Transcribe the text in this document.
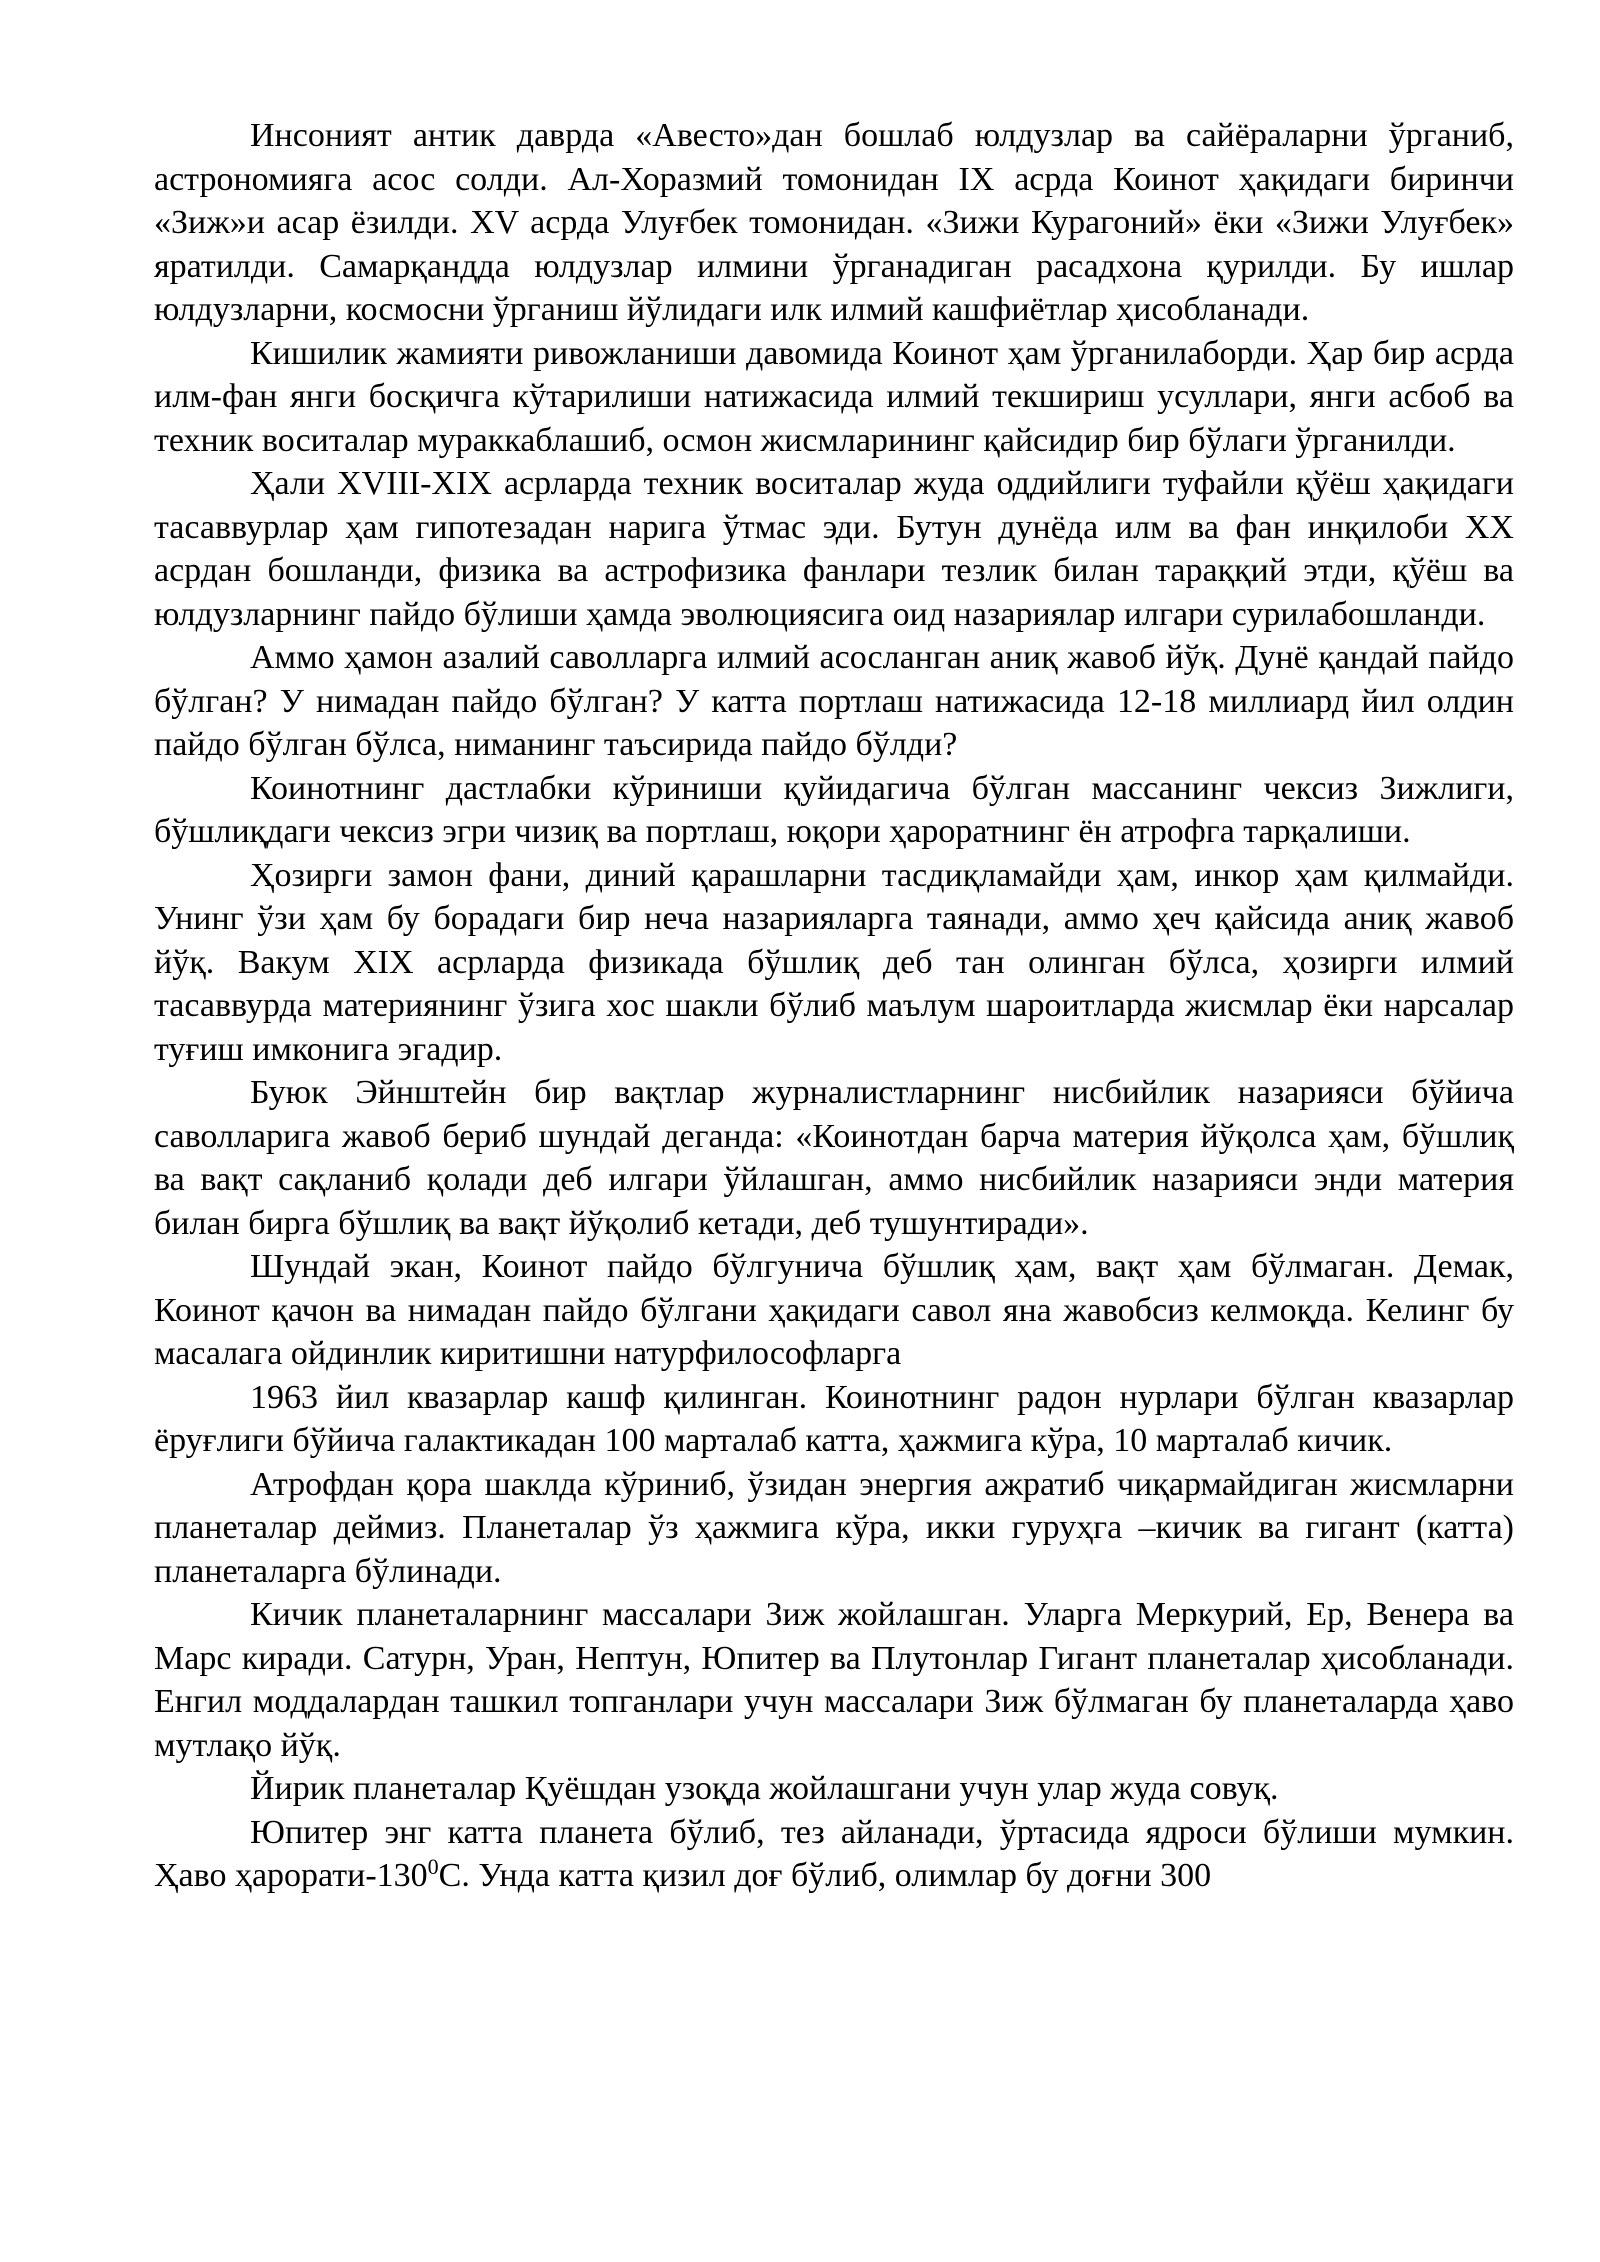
Инсоният антик даврда «Авесто»дан бошлаб юлдузлар ва сайёраларни ўрганиб, астрономияга асос солди. Ал-Хоразмий томонидан IX асрда Коинот ҳақидаги биринчи «Зиж»и асар ёзилди. XV асрда Улуғбек томонидан. «Зижи Курагоний» ёки «Зижи Улуғбек» яратилди. Самарқандда юлдузлар илмини ўрганадиган расадхона қурилди. Бу ишлар юлдузларни, космосни ўрганиш йўлидаги илк илмий кашфиётлар ҳисобланади.

Кишилик жамияти ривожланиши давомида Коинот ҳам ўрганилаборди. Ҳар бир асрда илм-фан янги босқичга кўтарилиши натижасида илмий текшириш усуллари, янги асбоб ва техник воситалар мураккаблашиб, осмон жисмларининг қайсидир бир бўлаги ўрганилди.

Ҳали XVIII-XIX асрларда техник воситалар жуда оддийлиги туфайли қўёш ҳақидаги тасаввурлар ҳам гипотезадан нарига ўтмас эди. Бутун дунёда илм ва фан инқилоби XX асрдан бошланди, физика ва астрофизика фанлари тезлик билан тараққий этди, қўёш ва юлдузларнинг пайдо бўлиши ҳамда эволюциясига оид назариялар илгари сурилабошланди.

Аммо ҳамон азалий саволларга илмий асосланган аниқ жавоб йўқ. Дунё қандай пайдо бўлган? У нимадан пайдо бўлган? У катта портлаш натижасида 12-18 миллиард йил олдин пайдо бўлган бўлса, ниманинг таъсирида пайдо бўлди?

Коинотнинг дастлабки кўриниши қуйидагича бўлган массанинг чексиз Зижлиги, бўшлиқдаги чексиз эгри чизиқ ва портлаш, юқори ҳароратнинг ён атрофга тарқалиши.

Ҳозирги замон фани, диний қарашларни тасдиқламайди ҳам, инкор ҳам қилмайди. Унинг ўзи ҳам бу борадаги бир неча назарияларга таянади, аммо ҳеч қайсида аниқ жавоб йўқ. Вакум XIX асрларда физикада бўшлиқ деб тан олинган бўлса, ҳозирги илмий тасаввурда материянинг ўзига хос шакли бўлиб маълум шароитларда жисмлар ёки нарсалар туғиш имконига эгадир.

Буюк Эйнштейн бир вақтлар журналистларнинг нисбийлик назарияси бўйича саволларига жавоб бериб шундай деганда: «Коинотдан барча материя йўқолса ҳам, бўшлиқ ва вақт сақланиб қолади деб илгари ўйлашган, аммо нисбийлик назарияси энди материя билан бирга бўшлиқ ва вақт йўқолиб кетади, деб тушунтиради».

Шундай экан, Коинот пайдо бўлгунича бўшлиқ ҳам, вақт ҳам бўлмаган. Демак, Коинот қачон ва нимадан пайдо бўлгани ҳақидаги савол яна жавобсиз келмоқда. Келинг бу масалага ойдинлик киритишни натурфилософларга

1963 йил квазарлар кашф қилинган. Коинотнинг радон нурлари бўлган квазарлар ёруғлиги бўйича галактикадан 100 марталаб катта, ҳажмига кўра, 10 марталаб кичик.

Атрофдан қора шаклда кўриниб, ўзидан энергия ажратиб чиқармайдиган жисмларни планеталар деймиз. Планеталар ўз ҳажмига кўра, икки гуруҳга –кичик ва гигант (катта) планеталарга бўлинади.

Кичик планеталарнинг массалари Зиж жойлашган. Уларга Меркурий, Ер, Венера ва Марс киради. Сатурн, Уран, Нептун, Юпитер ва Плутонлар Гигант планеталар ҳисобланади. Енгил моддалардан ташкил топганлари учун массалари Зиж бўлмаган бу планеталарда ҳаво мутлақо йўқ.

Йирик планеталар Қуёшдан узоқда жойлашгани учун улар жуда совуқ.

Юпитер энг катта планета бўлиб, тез айланади, ўртасида ядроси бўлиши мумкин. Ҳаво ҳарорати-$130^0С$. Унда катта қизил доғ бўлиб, олимлар бу доғни 300
